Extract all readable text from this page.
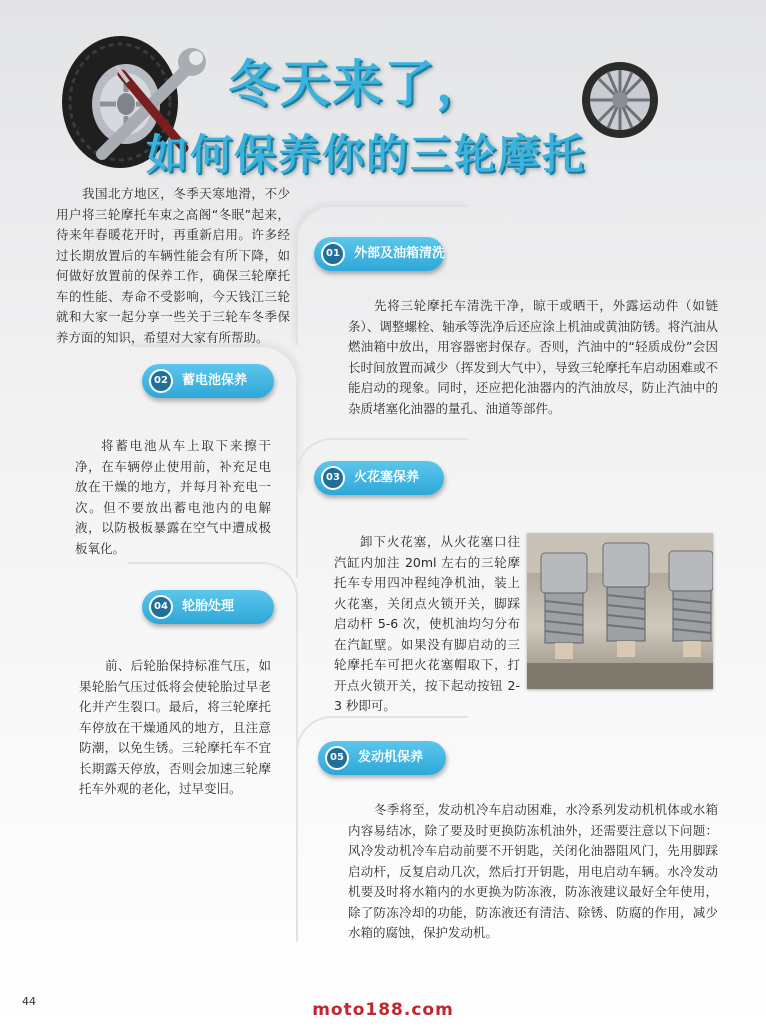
冬天来了，
如何保养你的三轮摩托

我国北方地区，冬季天寒地滑，不少用户将三轮摩托车束之高阁“冬眠”起来，待来年春暖花开时，再重新启用。许多经过长期放置后的车辆性能会有所下降，如何做好放置前的保养工作，确保三轮摩托车的性能、寿命不受影响，今天钱江三轮就和大家一起分享一些关于三轮车冬季保养方面的知识，希望对大家有所帮助。

01	外部及油箱清洗

先将三轮摩托车清洗干净，晾干或晒干，外露运动件（如链条）、调整螺栓、轴承等洗净后还应涂上机油或黄油防锈。将汽油从燃油箱中放出，用容器密封保存。否则，汽油中的“轻质成份”会因长时间放置而减少（挥发到大气中），导致三轮摩托车启动困难或不能启动的现象。同时，还应把化油器内的汽油放尽，防止汽油中的杂质堵塞化油器的量孔、油道等部件。

02	蓄电池保养

将蓄电池从车上取下来擦干净，在车辆停止使用前，补充足电放在干燥的地方，并每月补充电一次。但不要放出蓄电池内的电解液，以防极板暴露在空气中遭成极板氧化。

03	火花塞保养

卸下火花塞，从火花塞口往汽缸内加注 20ml 左右的三轮摩托车专用四冲程纯净机油，装上火花塞，关闭点火锁开关，脚踩启动杆 5-6 次，使机油均匀分布在汽缸壁。如果没有脚启动的三轮摩托车可把火花塞帽取下，打开点火锁开关，按下起动按钮 2-3 秒即可。

04	轮胎处理

前、后轮胎保持标准气压，如果轮胎气压过低将会使轮胎过早老化并产生裂口。最后，将三轮摩托车停放在干燥通风的地方，且注意防潮，以免生锈。三轮摩托车不宜长期露天停放，否则会加速三轮摩托车外观的老化，过早变旧。

05	发动机保养

冬季将至，发动机冷车启动困难，水冷系列发动机机体或水箱内容易结冰，除了要及时更换防冻机油外，还需要注意以下问题：风冷发动机冷车启动前要不开钥匙，关闭化油器阻风门，先用脚踩启动杆，反复启动几次，然后打开钥匙，用电启动车辆。水冷发动机要及时将水箱内的水更换为防冻液，防冻液建议最好全年使用，除了防冻冷却的功能，防冻液还有清洁、除锈、防腐的作用，减少水箱的腐蚀，保护发动机。

44	moto188.com
